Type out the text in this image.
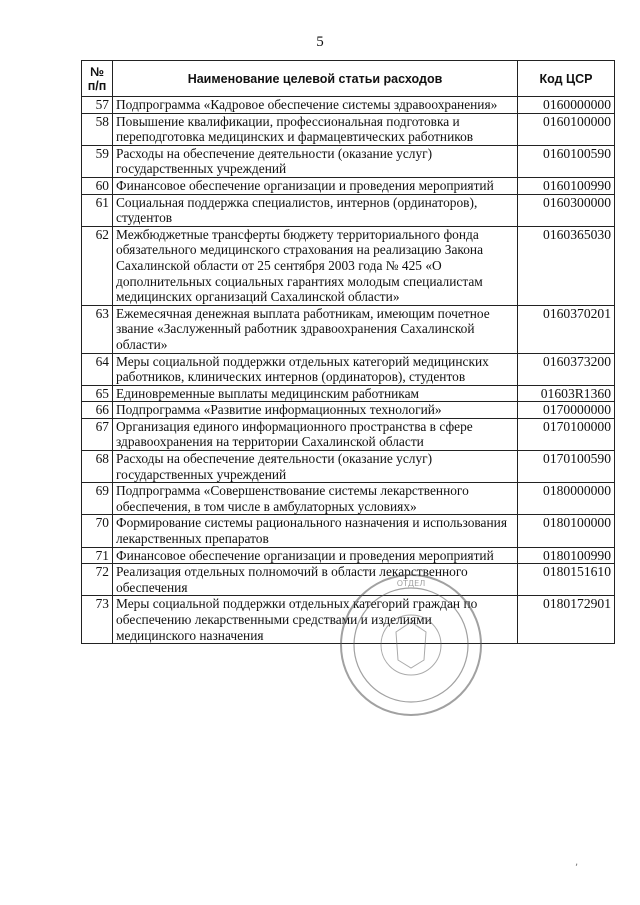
5
№
п/п	Наименование целевой статьи расходов	Код ЦСР
57	Подпрограмма «Кадровое обеспечение системы здравоохранения»	0160000000
58	Повышение квалификации, профессиональная подготовка и переподготовка медицинских и фармацевтических работников	0160100000
59	Расходы на обеспечение деятельности (оказание услуг) государственных учреждений	0160100590
60	Финансовое обеспечение организации и проведения мероприятий	0160100990
61	Социальная поддержка специалистов, интернов (ординаторов), студентов	0160300000
62	Межбюджетные трансферты бюджету территориального фонда обязательного медицинского страхования на реализацию Закона Сахалинской области от 25 сентября 2003 года № 425 «О дополнительных социальных гарантиях молодым специалистам медицинских организаций Сахалинской области»	0160365030
63	Ежемесячная денежная выплата работникам, имеющим почетное звание «Заслуженный работник здравоохранения Сахалинской области»	0160370201
64	Меры социальной поддержки отдельных категорий медицинских работников, клинических интернов (ординаторов), студентов	0160373200
65	Единовременные выплаты медицинским работникам	01603R1360
66	Подпрограмма «Развитие информационных технологий»	0170000000
67	Организация единого информационного пространства в сфере здравоохранения на территории Сахалинской области	0170100000
68	Расходы на обеспечение деятельности (оказание услуг) государственных учреждений	0170100590
69	Подпрограмма «Совершенствование системы лекарственного обеспечения, в том числе в амбулаторных условиях»	0180000000
70	Формирование системы рационального назначения и использования лекарственных препаратов	0180100000
71	Финансовое обеспечение организации и проведения мероприятий	0180100990
72	Реализация отдельных полномочий в области лекарственного обеспечения	0180151610
73	Меры социальной поддержки отдельных категорий граждан по обеспечению лекарственными средствами и изделиями медицинского назначения	0180172901
ОТДЕЛ
,
